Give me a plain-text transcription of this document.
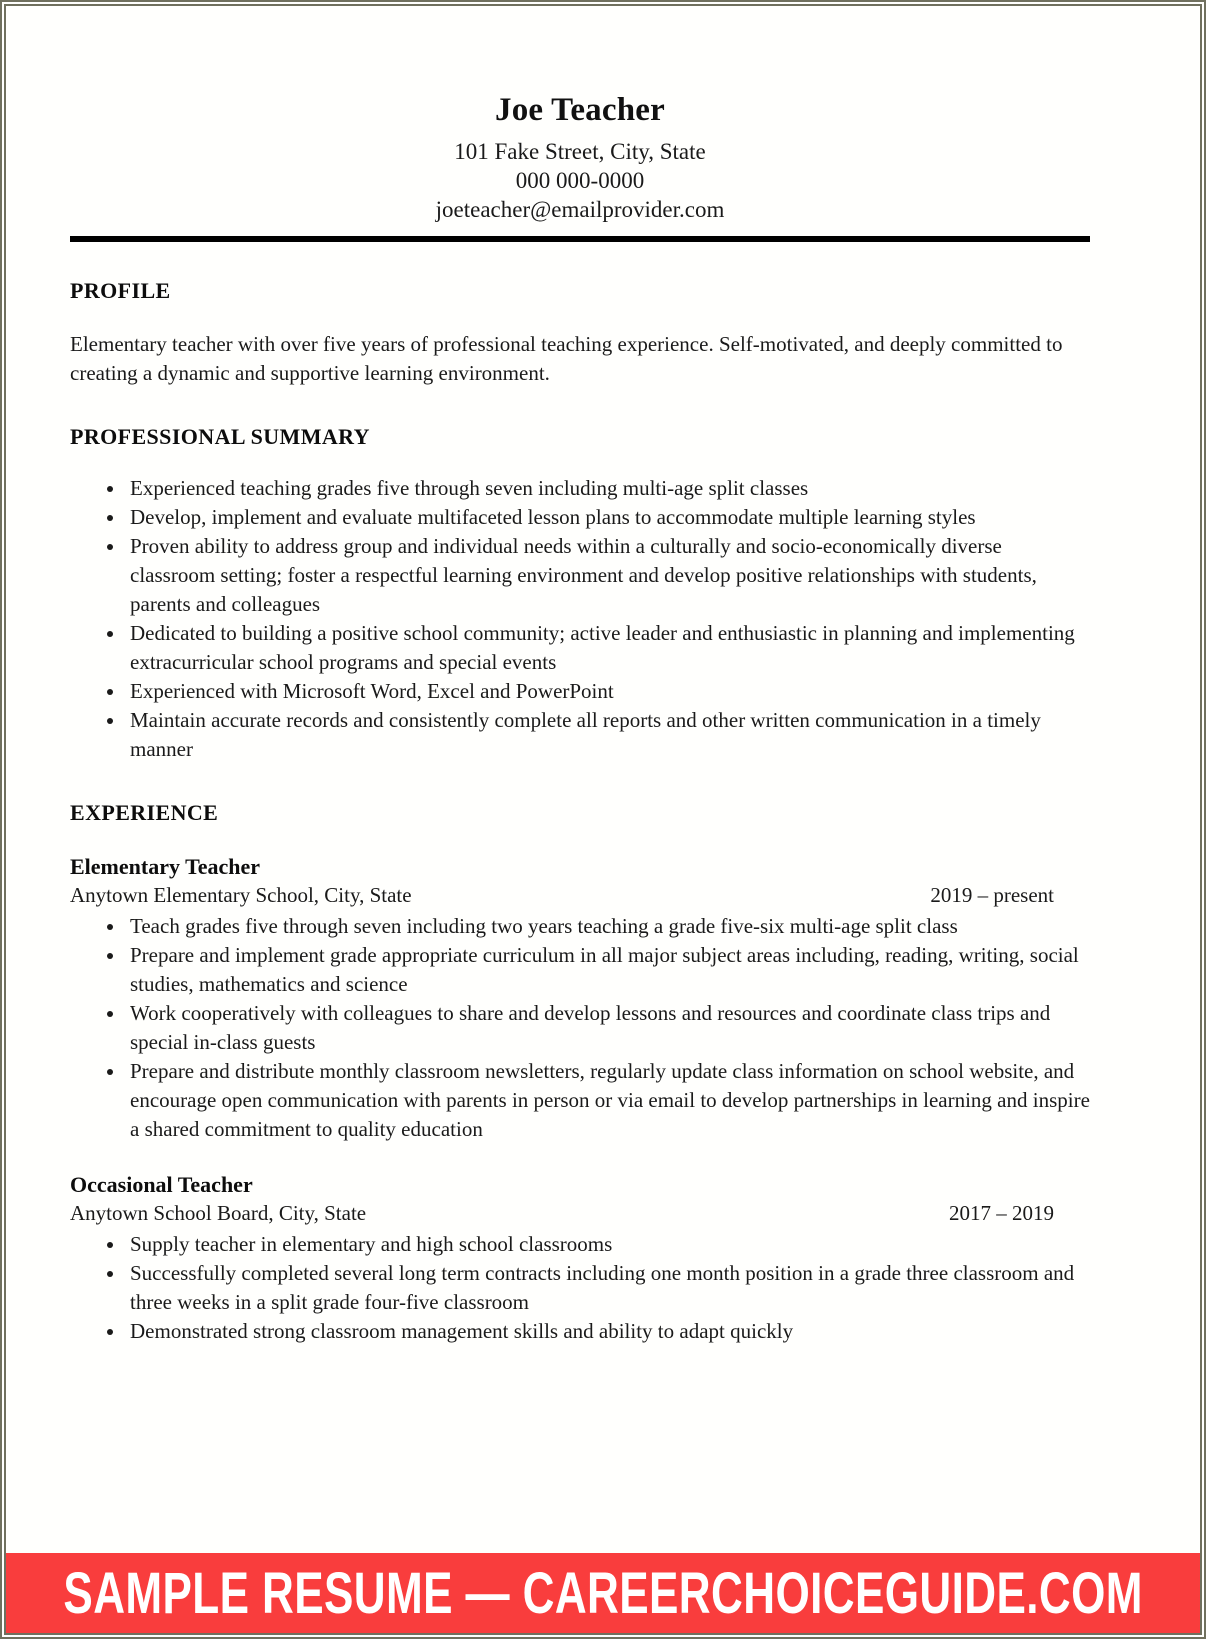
Joe Teacher
101 Fake Street, City, State
000 000-0000
joeteacher@emailprovider.com
PROFILE

Elementary teacher with over five years of professional teaching experience. Self-motivated, and deeply committed to creating a dynamic and supportive learning environment.

PROFESSIONAL SUMMARY
• Experienced teaching grades five through seven including multi-age split classes
• Develop, implement and evaluate multifaceted lesson plans to accommodate multiple learning styles
• Proven ability to address group and individual needs within a culturally and socio-economically diverse classroom setting; foster a respectful learning environment and develop positive relationships with students, parents and colleagues
• Dedicated to building a positive school community; active leader and enthusiastic in planning and implementing extracurricular school programs and special events
• Experienced with Microsoft Word, Excel and PowerPoint
• Maintain accurate records and consistently complete all reports and other written communication in a timely manner
EXPERIENCE
Elementary Teacher
Anytown Elementary School, City, State	2019 – present
• Teach grades five through seven including two years teaching a grade five-six multi-age split class
• Prepare and implement grade appropriate curriculum in all major subject areas including, reading, writing, social studies, mathematics and science
• Work cooperatively with colleagues to share and develop lessons and resources and coordinate class trips and special in-class guests
• Prepare and distribute monthly classroom newsletters, regularly update class information on school website, and encourage open communication with parents in person or via email to develop partnerships in learning and inspire a shared commitment to quality education
Occasional Teacher
Anytown School Board, City, State	2017 – 2019
• Supply teacher in elementary and high school classrooms
• Successfully completed several long term contracts including one month position in a grade three classroom and three weeks in a split grade four-five classroom
• Demonstrated strong classroom management skills and ability to adapt quickly
SAMPLE RESUME — CAREERCHOICEGUIDE.COM
